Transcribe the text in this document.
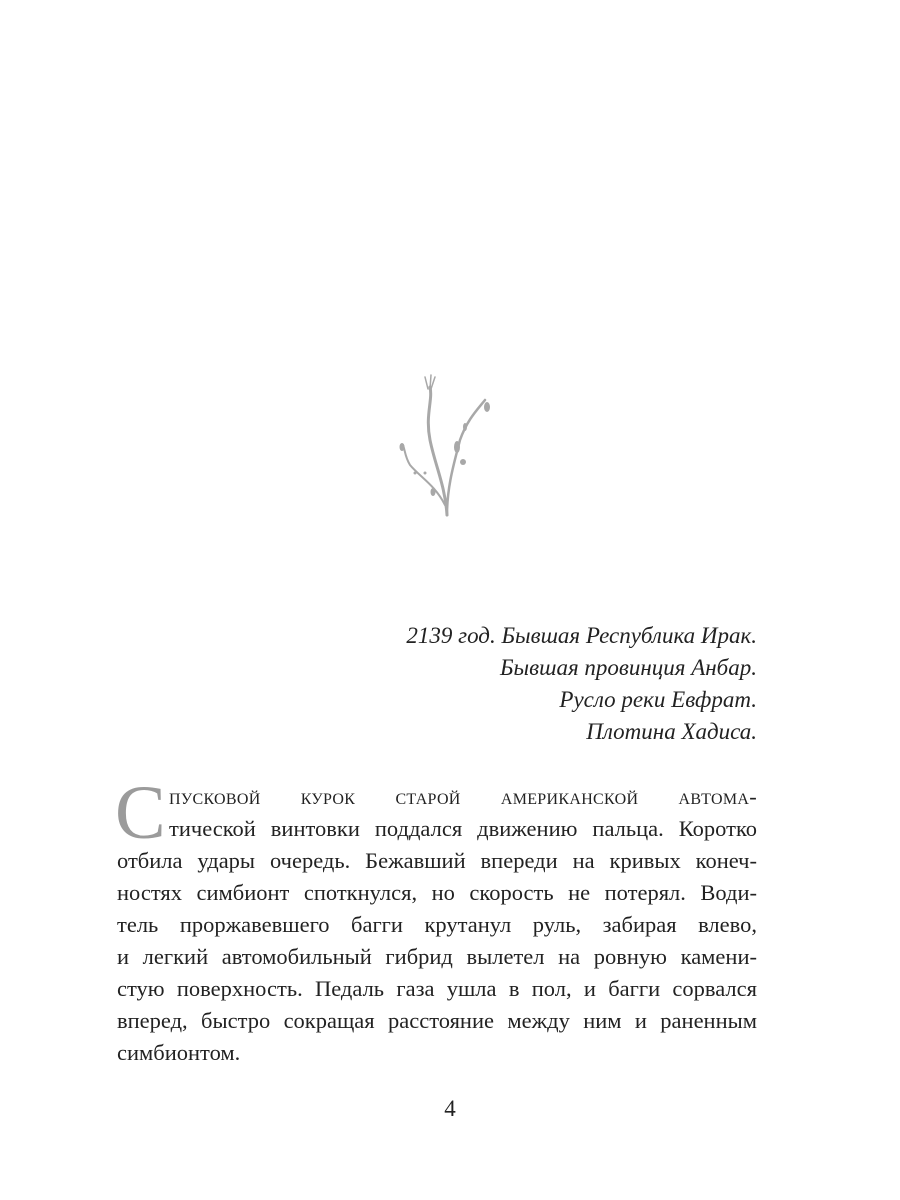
2139 год. Бывшая Республика Ирак.
Бывшая провинция Анбар.
Русло реки Евфрат.
Плотина Хадиса.
С пусковой курок старой американской автома-
тической винтовки поддался движению пальца. Коротко
отбила удары очередь. Бежавший впереди на кривых конеч-
ностях симбионт споткнулся, но скорость не потерял. Води-
тель проржавевшего багги крутанул руль, забирая влево,
и легкий автомобильный гибрид вылетел на ровную камени-
стую поверхность. Педаль газа ушла в пол, и багги сорвался
вперед, быстро сокращая расстояние между ним и раненным
симбионтом.
4
